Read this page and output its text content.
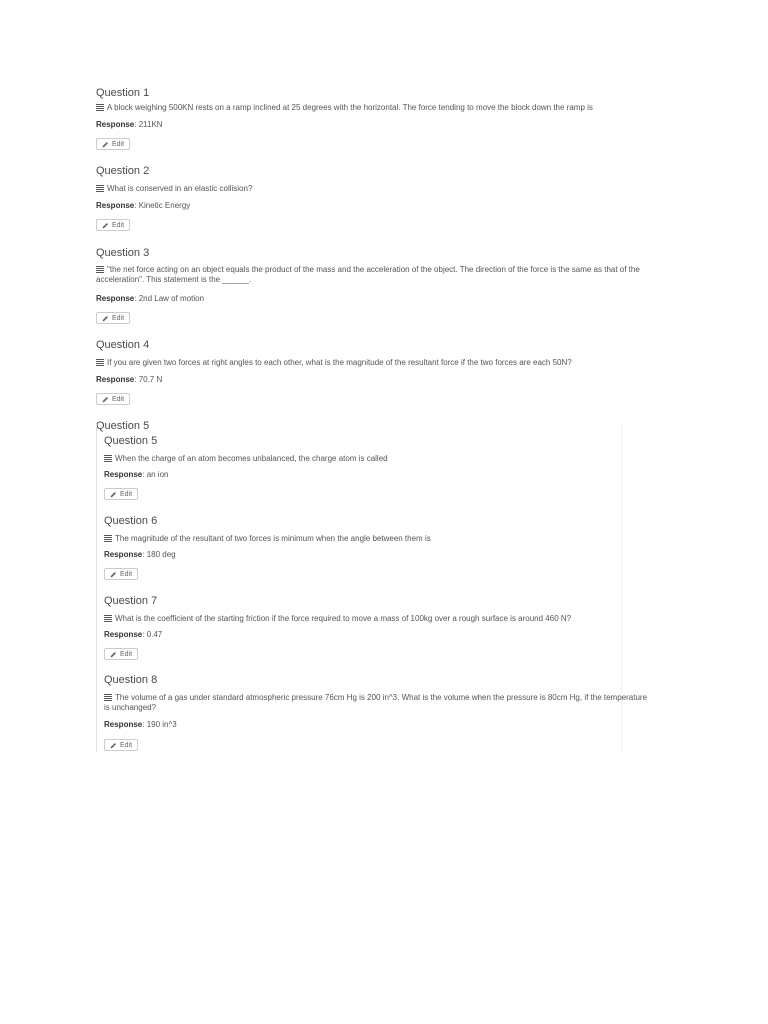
Question 1
A block weighing 500KN rests on a ramp inclined at 25 degrees with the horizontal. The force tending to move the block down the ramp is
Response: 211KN
Edit
Question 2
What is conserved in an elastic collision?
Response: Kinetic Energy
Edit
Question 3
"the net force acting on an object equals the product of the mass and the acceleration of the object. The direction of the force is the same as that of the acceleration". This statement is the ______.
Response: 2nd Law of motion
Edit
Question 4
If you are given two forces at right angles to each other, what is the magnitude of the resultant force if the two forces are each 50N?
Response: 70.7 N
Edit
Question 5
Question 5
When the charge of an atom becomes unbalanced, the charge atom is called
Response: an ion
Edit
Question 6
The magnitude of the resultant of two forces is minimum when the angle between them is
Response: 180 deg
Edit
Question 7
What is the coefficient of the starting friction if the force required to move a mass of 100kg over a rough surface is around 460 N?
Response: 0.47
Edit
Question 8
The volume of a gas under standard atmospheric pressure 76cm Hg is 200 in^3. What is the volume when the pressure is 80cm Hg, if the temperature is unchanged?
Response: 190 in^3
Edit
